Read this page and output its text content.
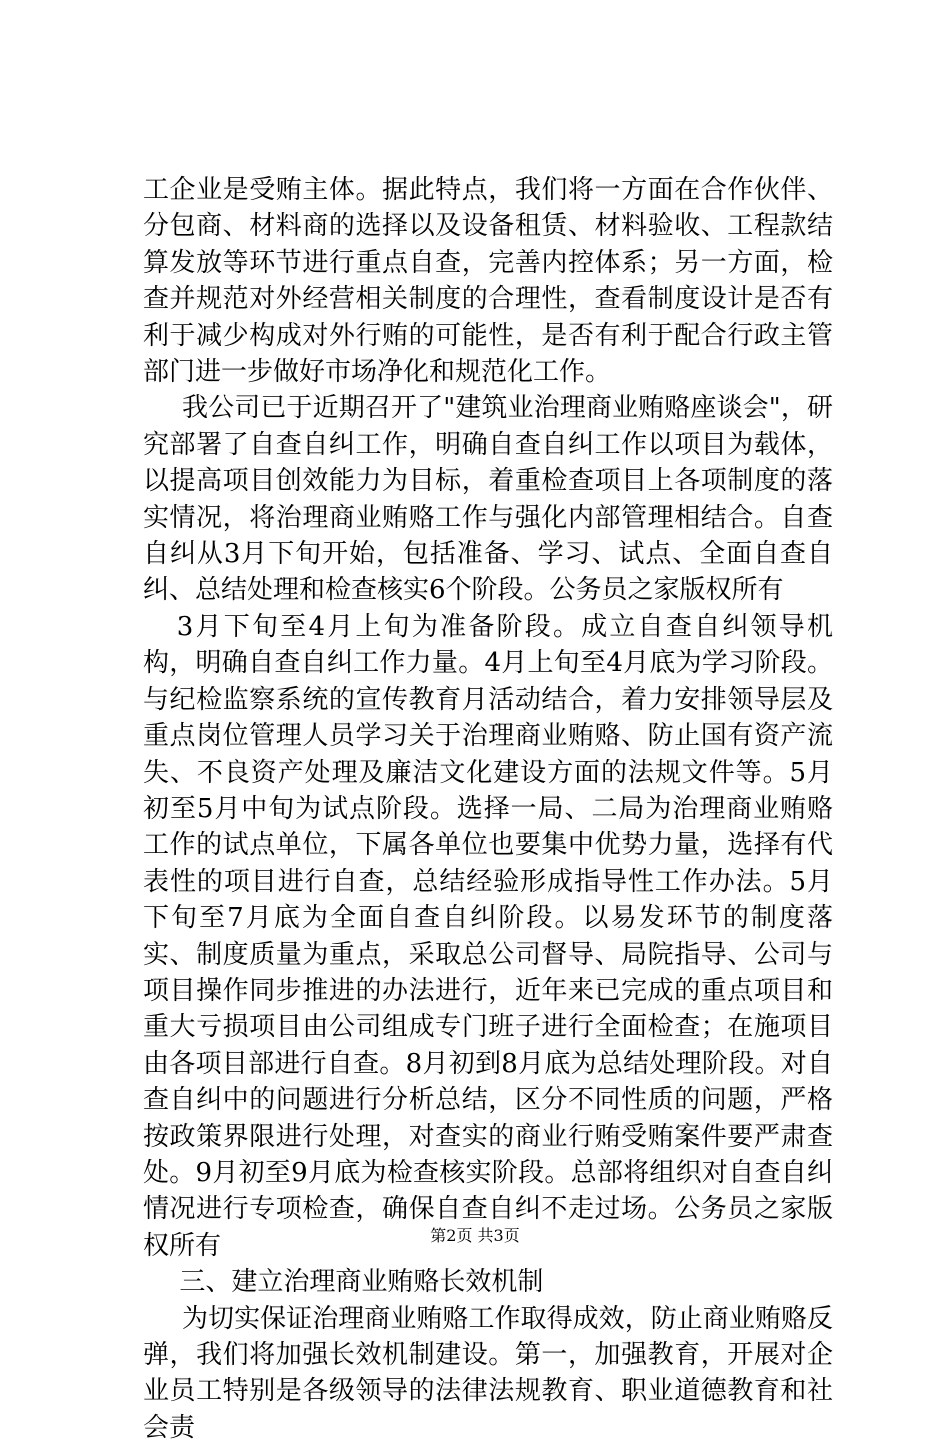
工企业是受贿主体。据此特点，我们将一方面在合作伙伴、分包商、材料商的选择以及设备租赁、材料验收、工程款结算发放等环节进行重点自查，完善内控体系；另一方面，检查并规范对外经营相关制度的合理性，查看制度设计是否有利于减少构成对外行贿的可能性，是否有利于配合行政主管部门进一步做好市场净化和规范化工作。

我公司已于近期召开了"建筑业治理商业贿赂座谈会"，研究部署了自查自纠工作，明确自查自纠工作以项目为载体，以提高项目创效能力为目标，着重检查项目上各项制度的落实情况，将治理商业贿赂工作与强化内部管理相结合。自查自纠从3月下旬开始，包括准备、学习、试点、全面自查自纠、总结处理和检查核实6个阶段。公务员之家版权所有

3月下旬至4月上旬为准备阶段。成立自查自纠领导机构，明确自查自纠工作力量。4月上旬至4月底为学习阶段。与纪检监察系统的宣传教育月活动结合，着力安排领导层及重点岗位管理人员学习关于治理商业贿赂、防止国有资产流失、不良资产处理及廉洁文化建设方面的法规文件等。5月初至5月中旬为试点阶段。选择一局、二局为治理商业贿赂工作的试点单位，下属各单位也要集中优势力量，选择有代表性的项目进行自查，总结经验形成指导性工作办法。5月下旬至7月底为全面自查自纠阶段。以易发环节的制度落实、制度质量为重点，采取总公司督导、局院指导、公司与项目操作同步推进的办法进行，近年来已完成的重点项目和重大亏损项目由公司组成专门班子进行全面检查；在施项目由各项目部进行自查。8月初到8月底为总结处理阶段。对自查自纠中的问题进行分析总结，区分不同性质的问题，严格按政策界限进行处理，对查实的商业行贿受贿案件要严肃查处。9月初至9月底为检查核实阶段。总部将组织对自查自纠情况进行专项检查，确保自查自纠不走过场。公务员之家版权所有

三、建立治理商业贿赂长效机制

为切实保证治理商业贿赂工作取得成效，防止商业贿赂反弹，我们将加强长效机制建设。第一，加强教育，开展对企业员工特别是各级领导的法律法规教育、职业道德教育和社会责

第2页 共3页
